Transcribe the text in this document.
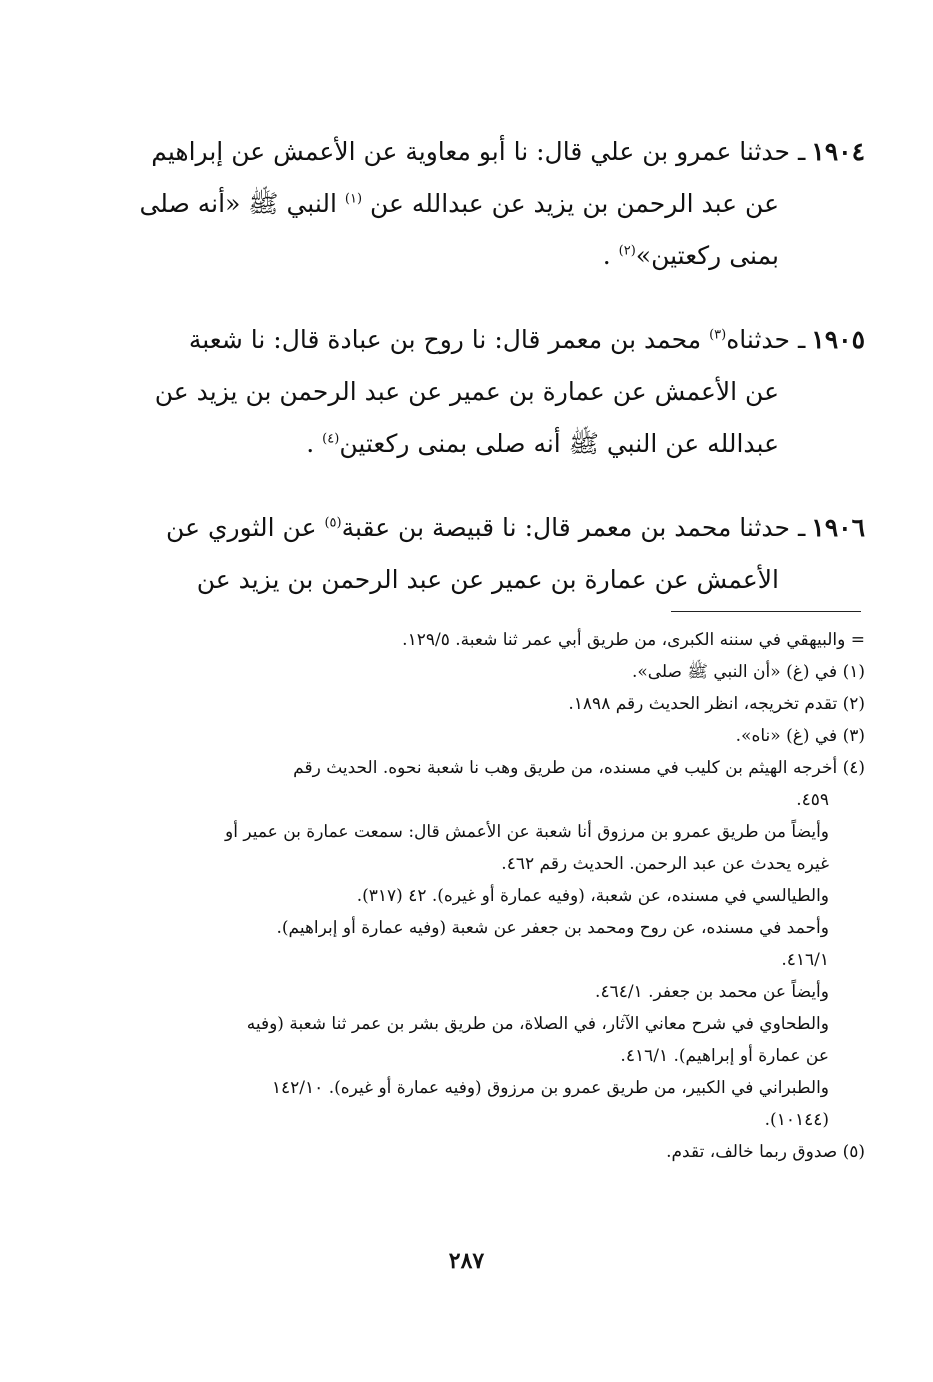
١٩٠٤ـ حدثنا عمرو بن علي قال: نا أبو معاوية عن الأعمش عن إبراهيم
عن عبد الرحمن بن يزيد عن عبدالله عن $^{(١)}$ النبي ﷺ «أنه صلى
بمنى ركعتين»$^{(٢)}$ .
١٩٠٥ـ حدثناه$^{(٣)}$ محمد بن معمر قال: نا روح بن عبادة قال: نا شعبة
عن الأعمش عن عمارة بن عمير عن عبد الرحمن بن يزيد عن
عبدالله عن النبي ﷺ أنه صلى بمنى ركعتين$^{(٤)}$ .
١٩٠٦ـ حدثنا محمد بن معمر قال: نا قبيصة بن عقبة$^{(٥)}$ عن الثوري عن
الأعمش عن عمارة بن عمير عن عبد الرحمن بن يزيد عن
= والبيهقي في سننه الكبرى، من طريق أبي عمر ثنا شعبة. ١٢٩/٥.
(١) في (غ) «أن النبي ﷺ صلى».
(٢) تقدم تخريجه، انظر الحديث رقم ١٨٩٨.
(٣) في (غ) «ناه».
(٤) أخرجه الهيثم بن كليب في مسنده، من طريق وهب نا شعبة نحوه. الحديث رقم
٤٥٩.
وأيضاً من طريق عمرو بن مرزوق أنا شعبة عن الأعمش قال: سمعت عمارة بن عمير أو
غيره يحدث عن عبد الرحمن. الحديث رقم ٤٦٢.
والطيالسي في مسنده، عن شعبة، (وفيه عمارة أو غيره). ٤٢ (٣١٧).
وأحمد في مسنده، عن روح ومحمد بن جعفر عن شعبة (وفيه عمارة أو إبراهيم).
٤١٦/١.
وأيضاً عن محمد بن جعفر. ٤٦٤/١.
والطحاوي في شرح معاني الآثار، في الصلاة، من طريق بشر بن عمر ثنا شعبة (وفيه
عن عمارة أو إبراهيم). ٤١٦/١.
والطبراني في الكبير، من طريق عمرو بن مرزوق (وفيه عمارة أو غيره). ١٤٢/١٠
(١٠١٤٤).
(٥) صدوق ربما خالف، تقدم.
٢٨٧
